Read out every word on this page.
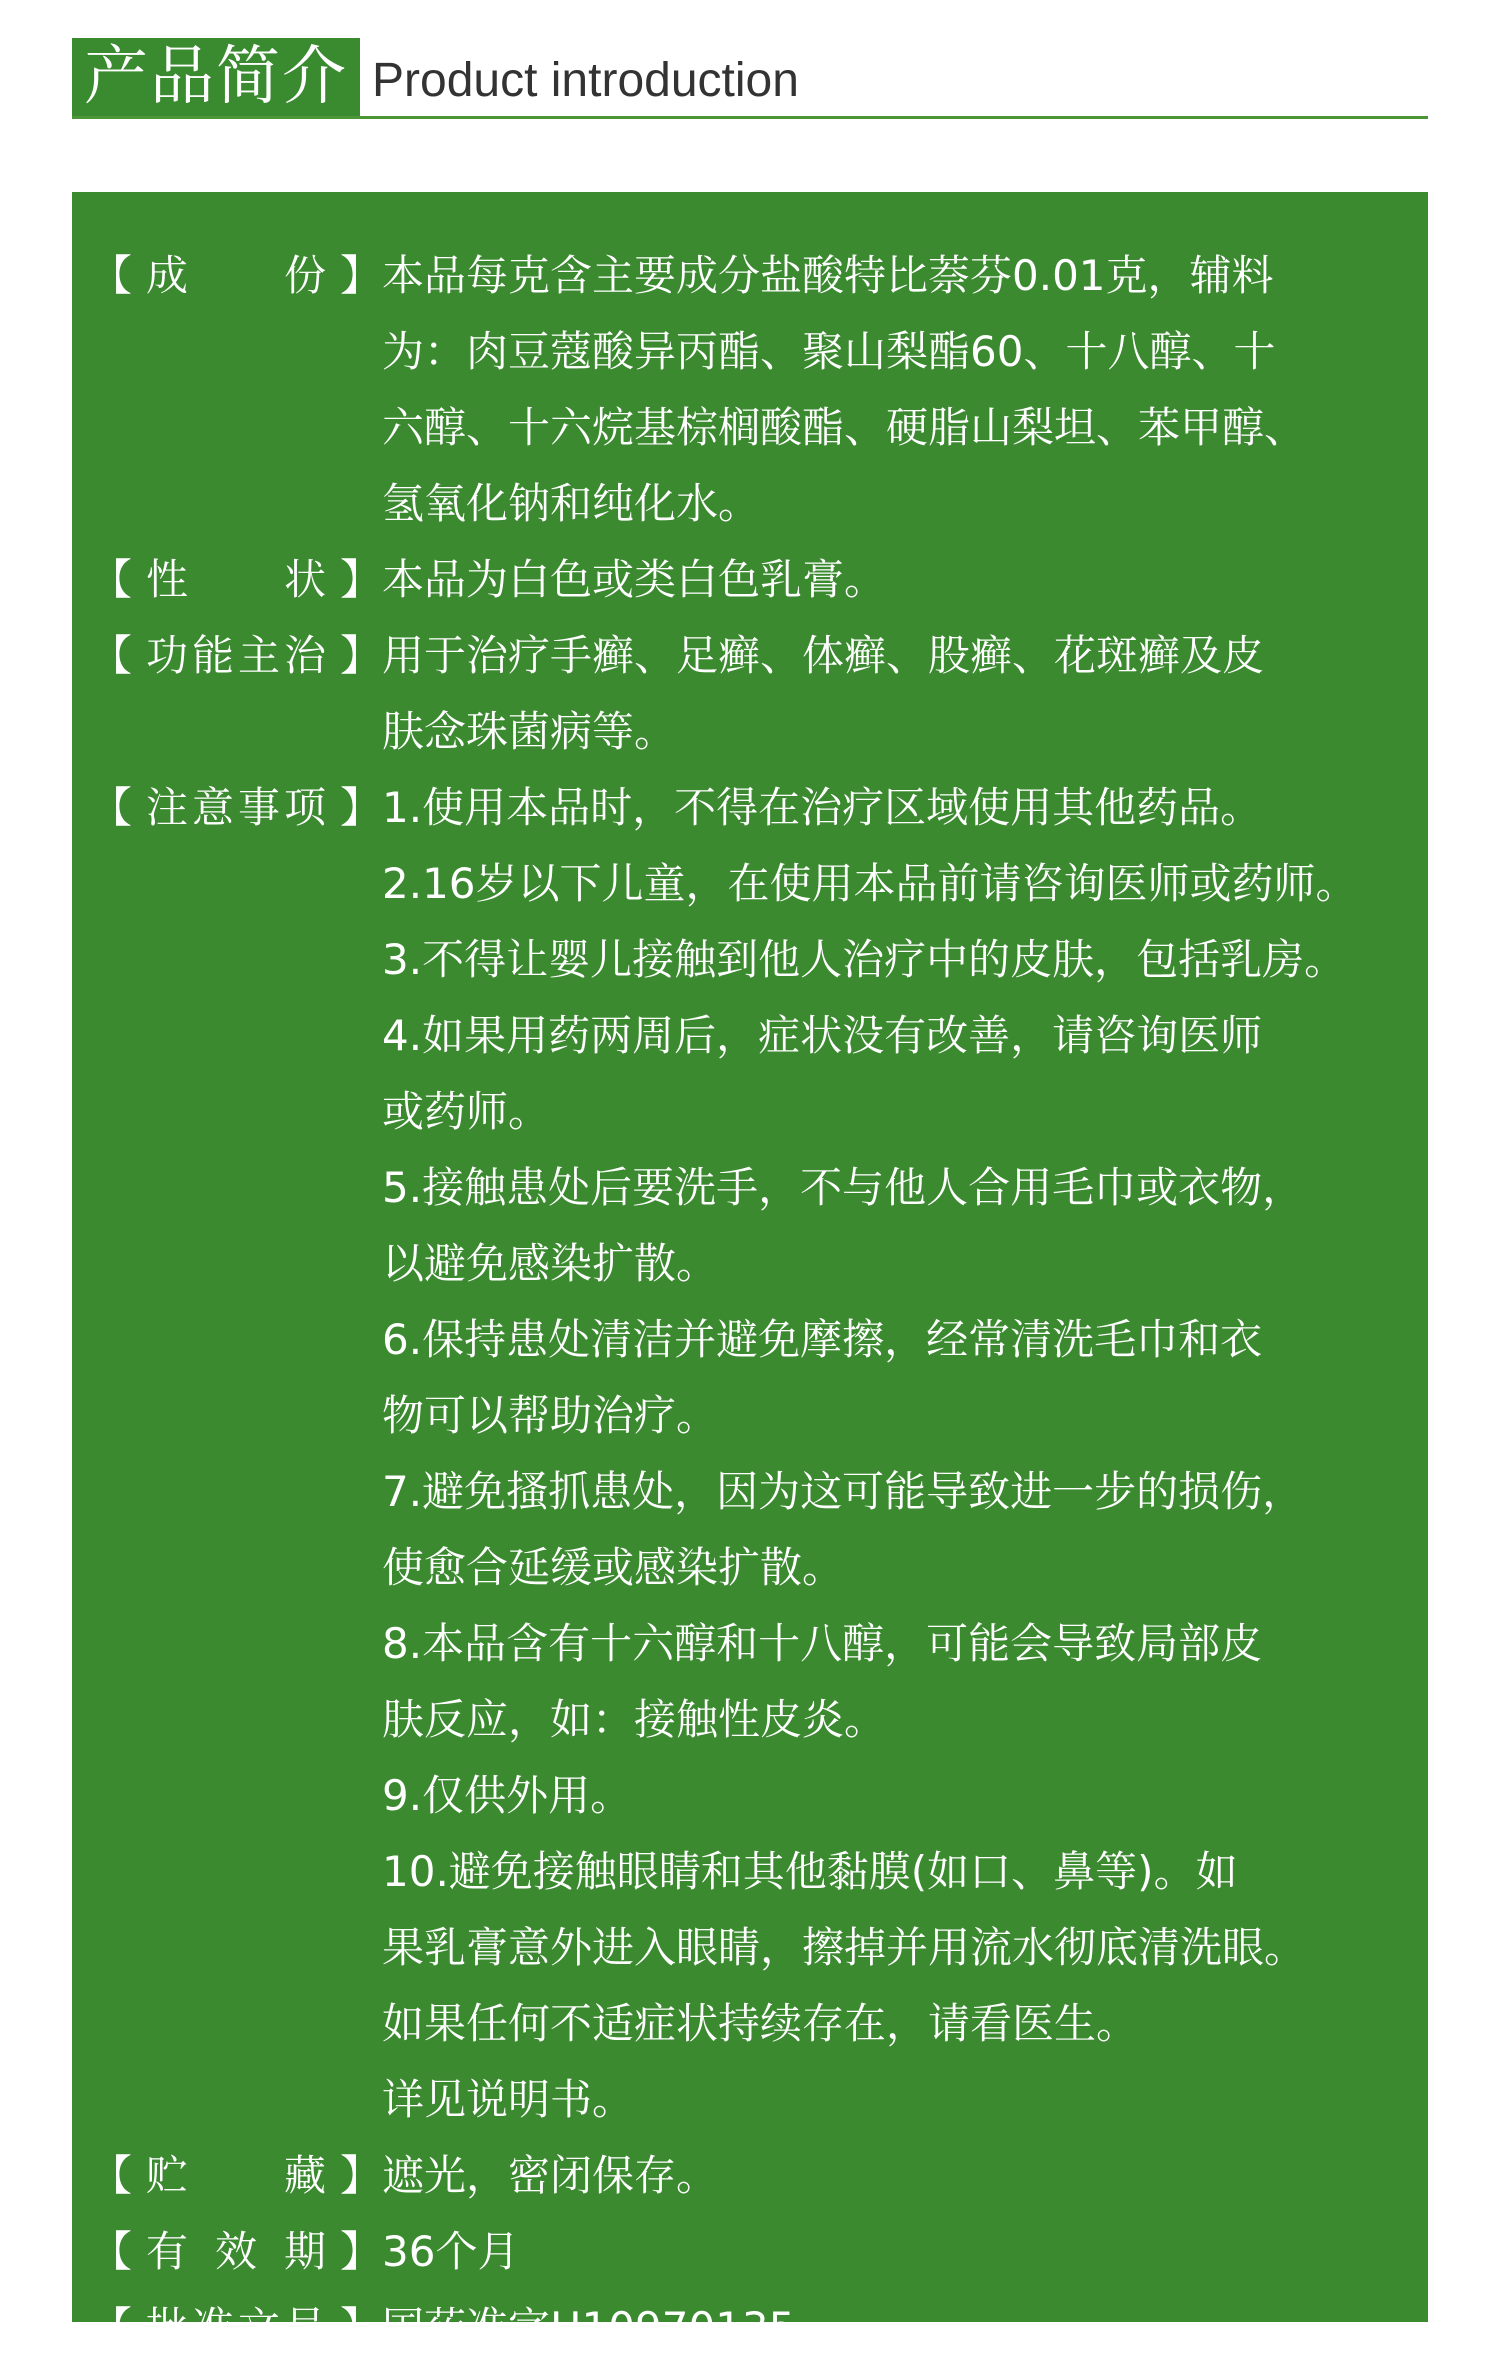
产品简介 Product introduction
【 成 份 】 本品每克含主要成分盐酸特比萘芬0.01克，辅料
为：肉豆蔻酸异丙酯、聚山梨酯60、十八醇、十
六醇、十六烷基棕榈酸酯、硬脂山梨坦、苯甲醇、
氢氧化钠和纯化水。
【 性 状 】 本品为白色或类白色乳膏。
【 功 能 主 治 】 用于治疗手癣、足癣、体癣、股癣、花斑癣及皮
肤念珠菌病等。
【 注 意 事 项 】 1.使用本品时，不得在治疗区域使用其他药品。
2.16岁以下儿童，在使用本品前请咨询医师或药师。
3.不得让婴儿接触到他人治疗中的皮肤，包括乳房。
4.如果用药两周后，症状没有改善，请咨询医师
或药师。
5.接触患处后要洗手，不与他人合用毛巾或衣物，
以避免感染扩散。
6.保持患处清洁并避免摩擦，经常清洗毛巾和衣
物可以帮助治疗。
7.避免搔抓患处，因为这可能导致进一步的损伤，
使愈合延缓或感染扩散。
8.本品含有十六醇和十八醇，可能会导致局部皮
肤反应，如：接触性皮炎。
9.仅供外用。
10.避免接触眼睛和其他黏膜(如口、鼻等)。如
果乳膏意外进入眼睛，擦掉并用流水彻底清洗眼。
如果任何不适症状持续存在，请看医生。
详见说明书。
【 贮 藏 】 遮光，密闭保存。
【 有 效 期 】 36个月
【 批 准 文 号 】 国药准字H10970135
